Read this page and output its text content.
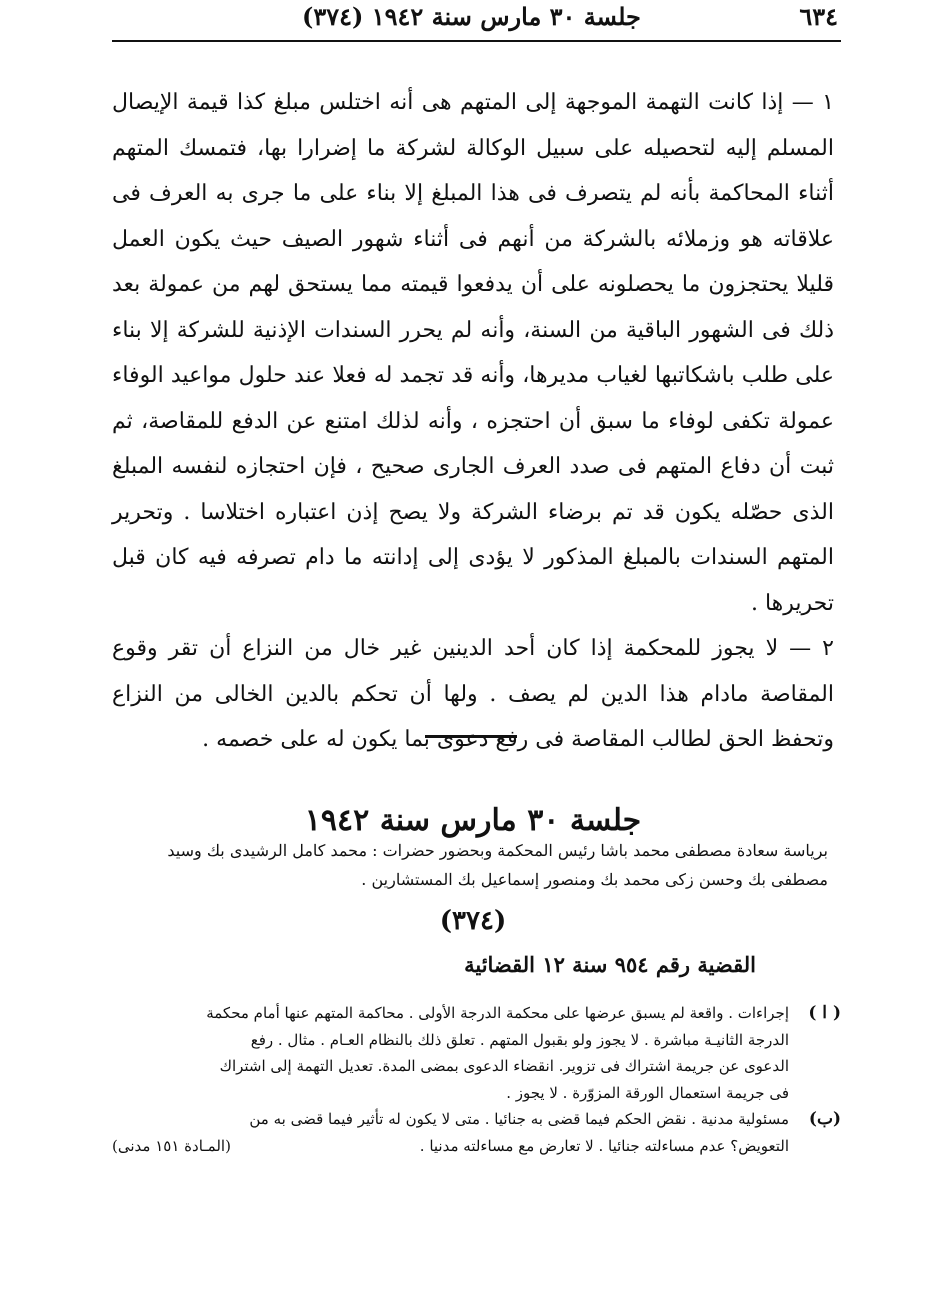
٦٣٤
جلسة ٣٠ مارس سنة ١٩٤٢ (٣٧٤)

١ — إذا كانت التهمة الموجهة إلى المتهم هى أنه اختلس مبلغ كذا قيمة الإيصال المسلم إليه لتحصيله على سبيل الوكالة لشركة ما إضرارا بها، فتمسك المتهم أثناء المحاكمة بأنه لم يتصرف فى هذا المبلغ إلا بناء على ما جرى به العرف فى علاقاته هو وزملائه بالشركة من أنهم فى أثناء شهور الصيف حيث يكون العمل قليلا يحتجزون ما يحصلونه على أن يدفعوا قيمته مما يستحق لهم من عمولة بعد ذلك فى الشهور الباقية من السنة، وأنه لم يحرر السندات الإذنية للشركة إلا بناء على طلب باشكاتبها لغياب مديرها، وأنه قد تجمد له فعلا عند حلول مواعيد الوفاء عمولة تكفى لوفاء ما سبق أن احتجزه ، وأنه لذلك امتنع عن الدفع للمقاصة، ثم ثبت أن دفاع المتهم فى صدد العرف الجارى صحيح ، فإن احتجازه لنفسه المبلغ الذى حصّله يكون قد تم برضاء الشركة ولا يصح إذن اعتباره اختلاسا . وتحرير المتهم السندات بالمبلغ المذكور لا يؤدى إلى إدانته ما دام تصرفه فيه كان قبل تحريرها .

٢ — لا يجوز للمحكمة إذا كان أحد الدينين غير خال من النزاع أن تقر وقوع المقاصة مادام هذا الدين لم يصف . ولها أن تحكم بالدين الخالى من النزاع وتحفظ الحق لطالب المقاصة فى رفع دعوى بما يكون له على خصمه .

جلسة ٣٠ مارس سنة ١٩٤٢

برياسة سعادة مصطفى محمد باشا رئيس المحكمة وبحضور حضرات : محمد كامل الرشيدى بك وسيد

مصطفى بك وحسن زكى محمد بك ومنصور إسماعيل بك المستشارين .

(٣٧٤)
القضية رقم ٩٥٤ سنة ١٢ القضائية
( ا )

إجراءات . واقعة لم يسبق عرضها على محكمة الدرجة الأولى . محاكمة المتهم عنها أمام محكمة

الدرجة الثانيـة مباشرة . لا يجوز ولو بقبول المتهم . تعلق ذلك بالنظام العـام . مثال . رفع

الدعوى عن جريمة اشتراك فى تزوير. انقضاء الدعوى بمضى المدة. تعديل التهمة إلى اشتراك

فى جريمة استعمال الورقة المزوّرة . لا يجوز .

(ب)

مسئولية مدنية . نقض الحكم فيما قضى به جنائيا . متى لا يكون له تأثير فيما قضى به من

التعويض؟ عدم مساءلته جنائيا . لا تعارض مع مساءلته مدنيا .
(المـادة ١٥١ مدنى)
